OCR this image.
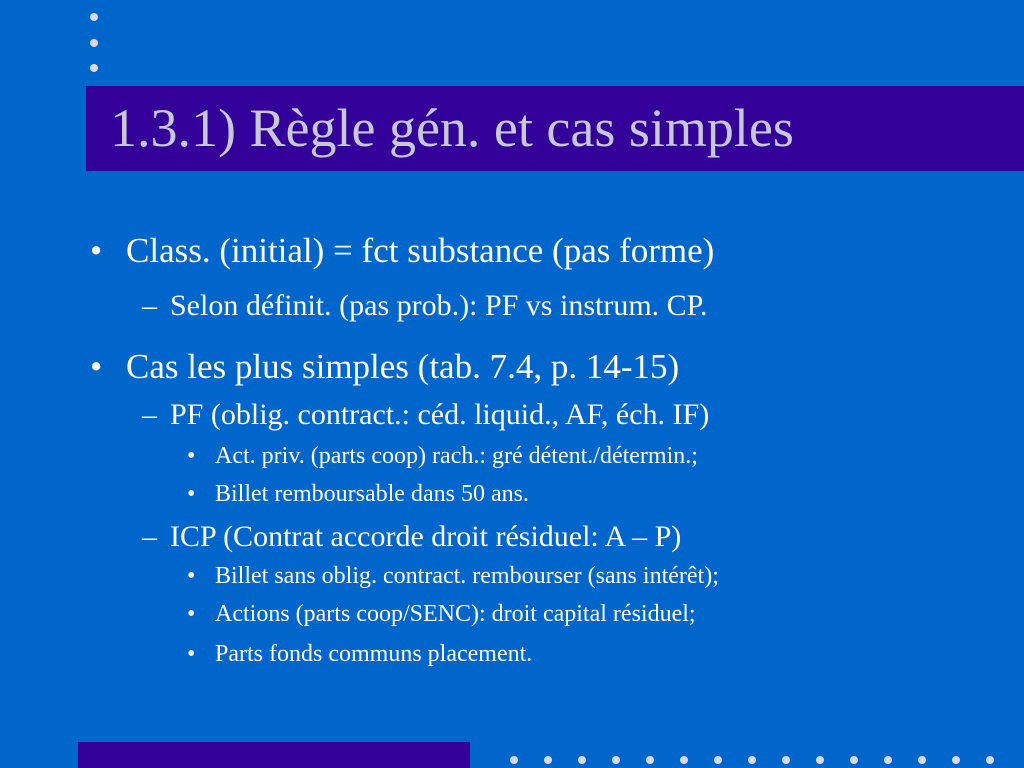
1.3.1) Règle gén. et cas simples
• Class. (initial) = fct substance (pas forme)
– Selon définit. (pas prob.): PF vs instrum. CP.
• Cas les plus simples (tab. 7.4, p. 14-15)
– PF (oblig. contract.: céd. liquid., AF, éch. IF)
• Act. priv. (parts coop) rach.: gré détent./détermin.;
• Billet remboursable dans 50 ans.
– ICP (Contrat accorde droit résiduel: A – P)
• Billet sans oblig. contract. rembourser (sans intérêt);
• Actions (parts coop/SENC): droit capital résiduel;
• Parts fonds communs placement.
